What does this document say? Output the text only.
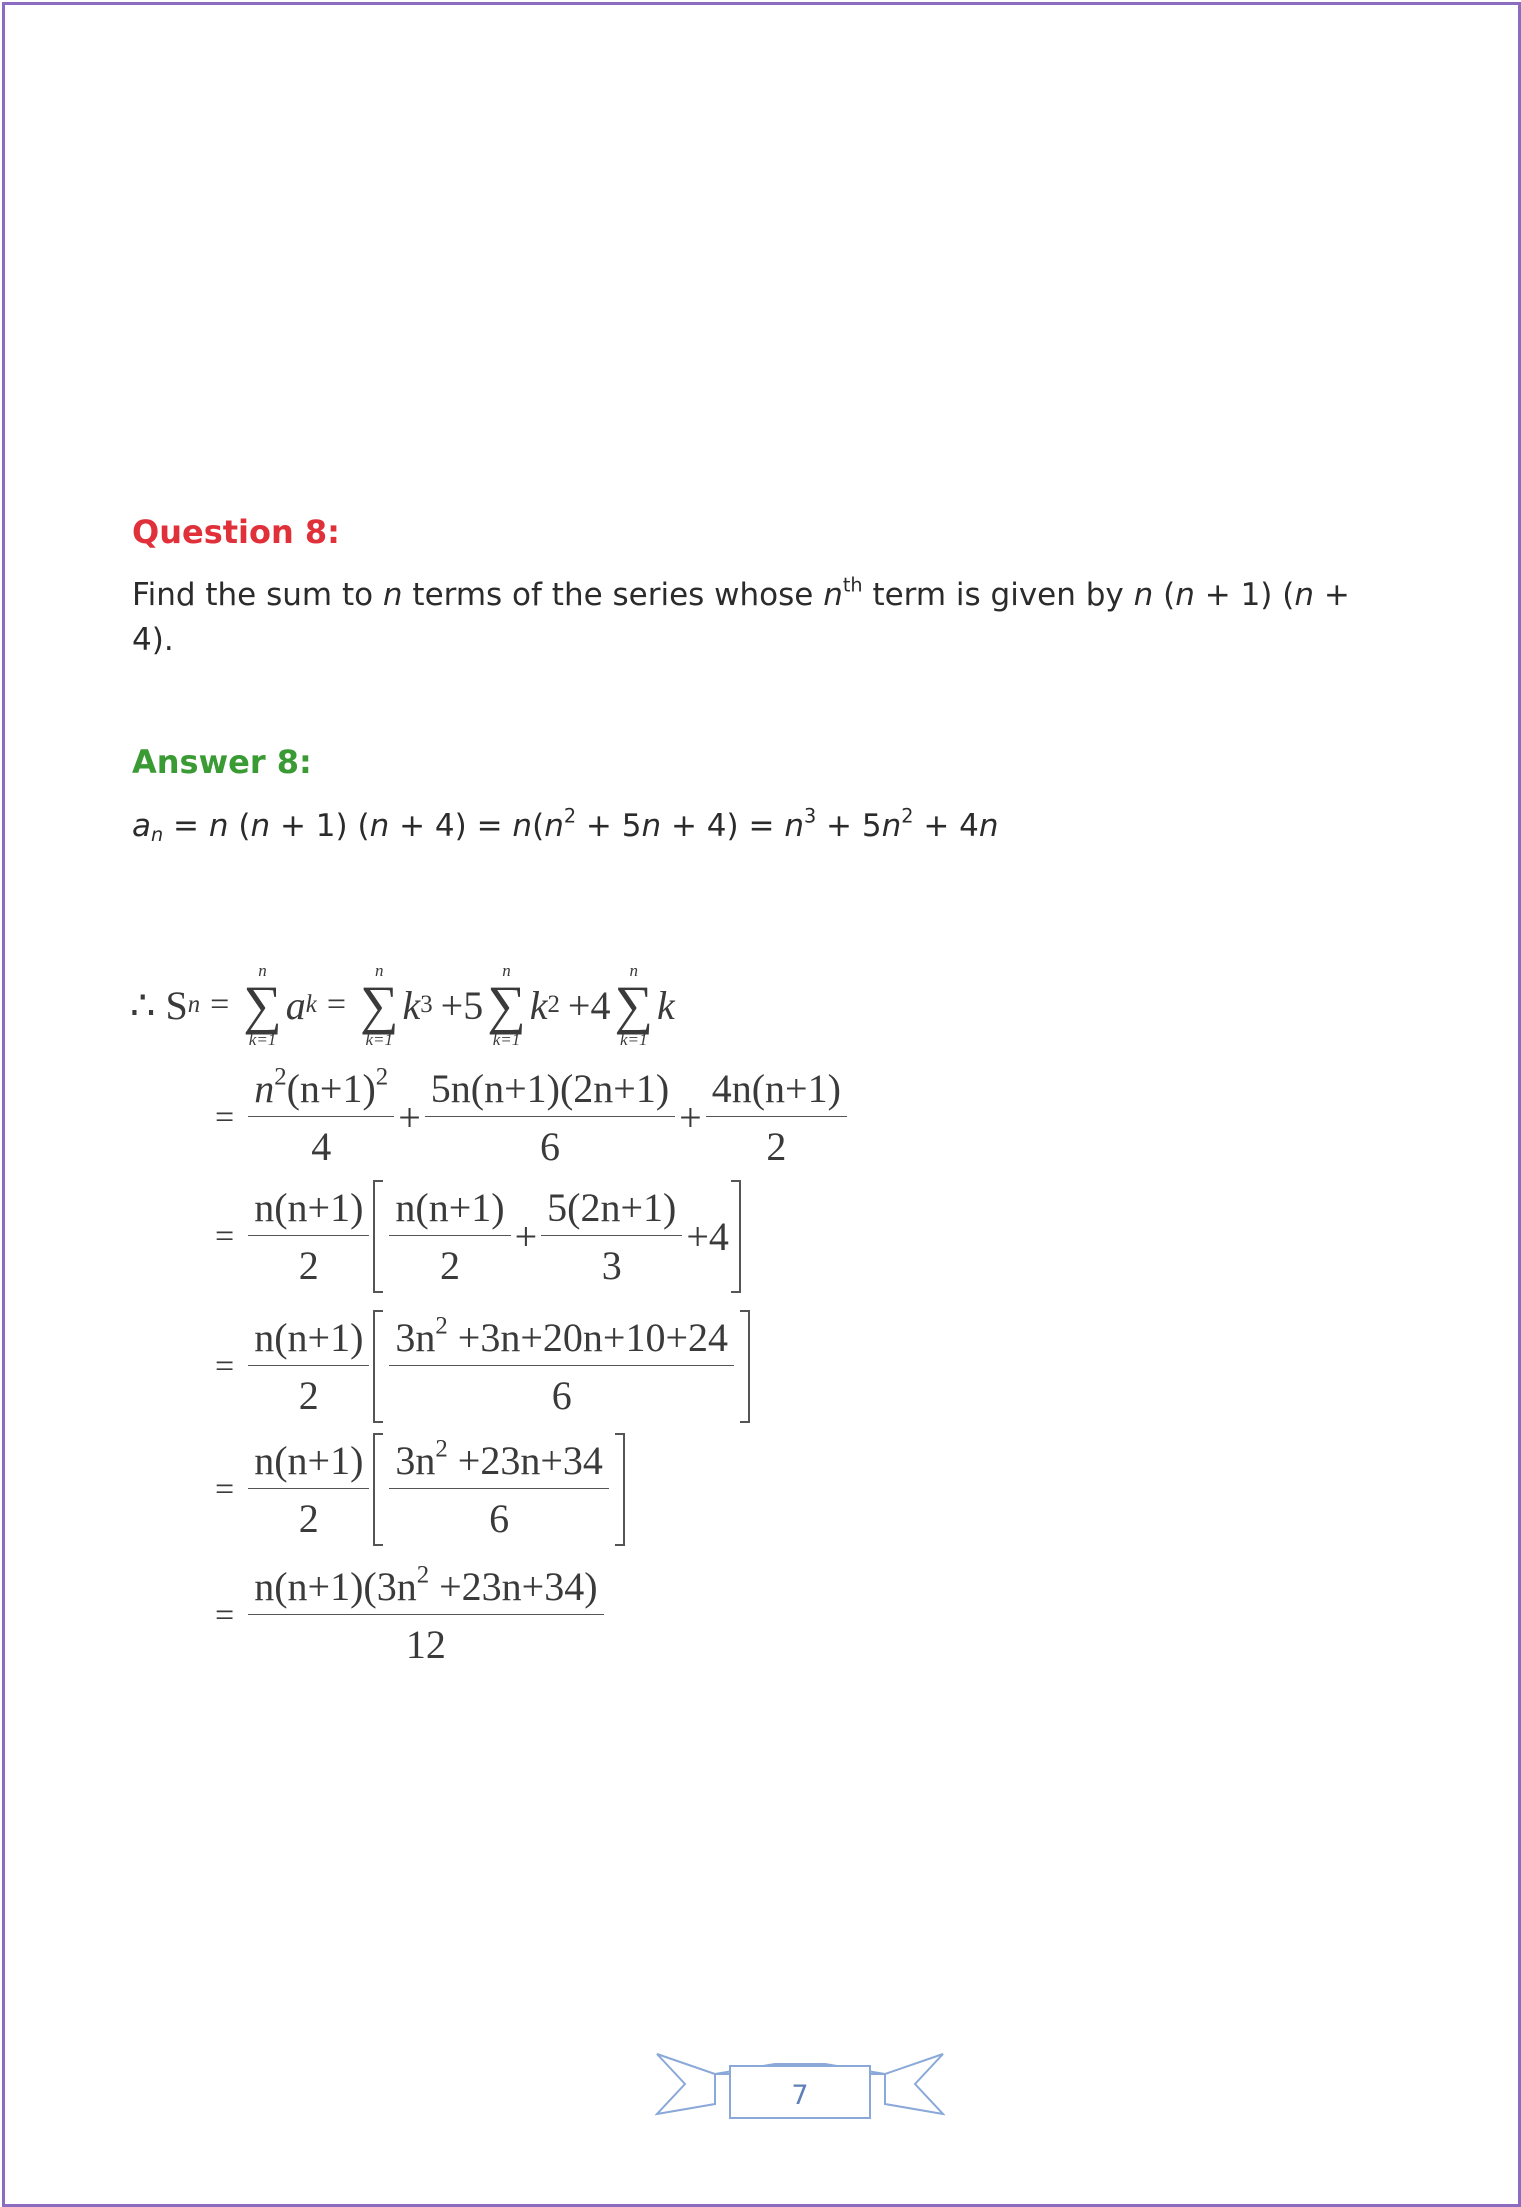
Question 8:
Find the sum to n terms of the series whose $n^{th}$ term is given by n (n + 1) (n + 4).
Answer 8:
$a_n = n$ (n + 1) $(n + 4) = n(n^2 + 5n + 4) = n^3 + 5n^2 + 4n$
∴ S n =
n
∑
k=1
a k =
n
∑
k=1
k 3 +5
n
∑
k=1
k 2 +4
n
∑
k=1
k
= $\frac{n^2(n+1)^2}{4} + \frac{5n(n+1)(2n+1)}{6} + \frac{4n(n+1)}{2}$
= $\frac{n(n+1)}{2} \frac{n(n+1)}{2} + \frac{5(2n+1)}{3} +4$
= $\frac{n(n+1)}{2} \frac{3n^2 +3n+20n+10+24}{6}$
= $\frac{n(n+1)}{2} \frac{3n^2 +23n+34}{6}$
= $\frac{n(n+1)(3n^2 +23n+34)}{12}$
7
